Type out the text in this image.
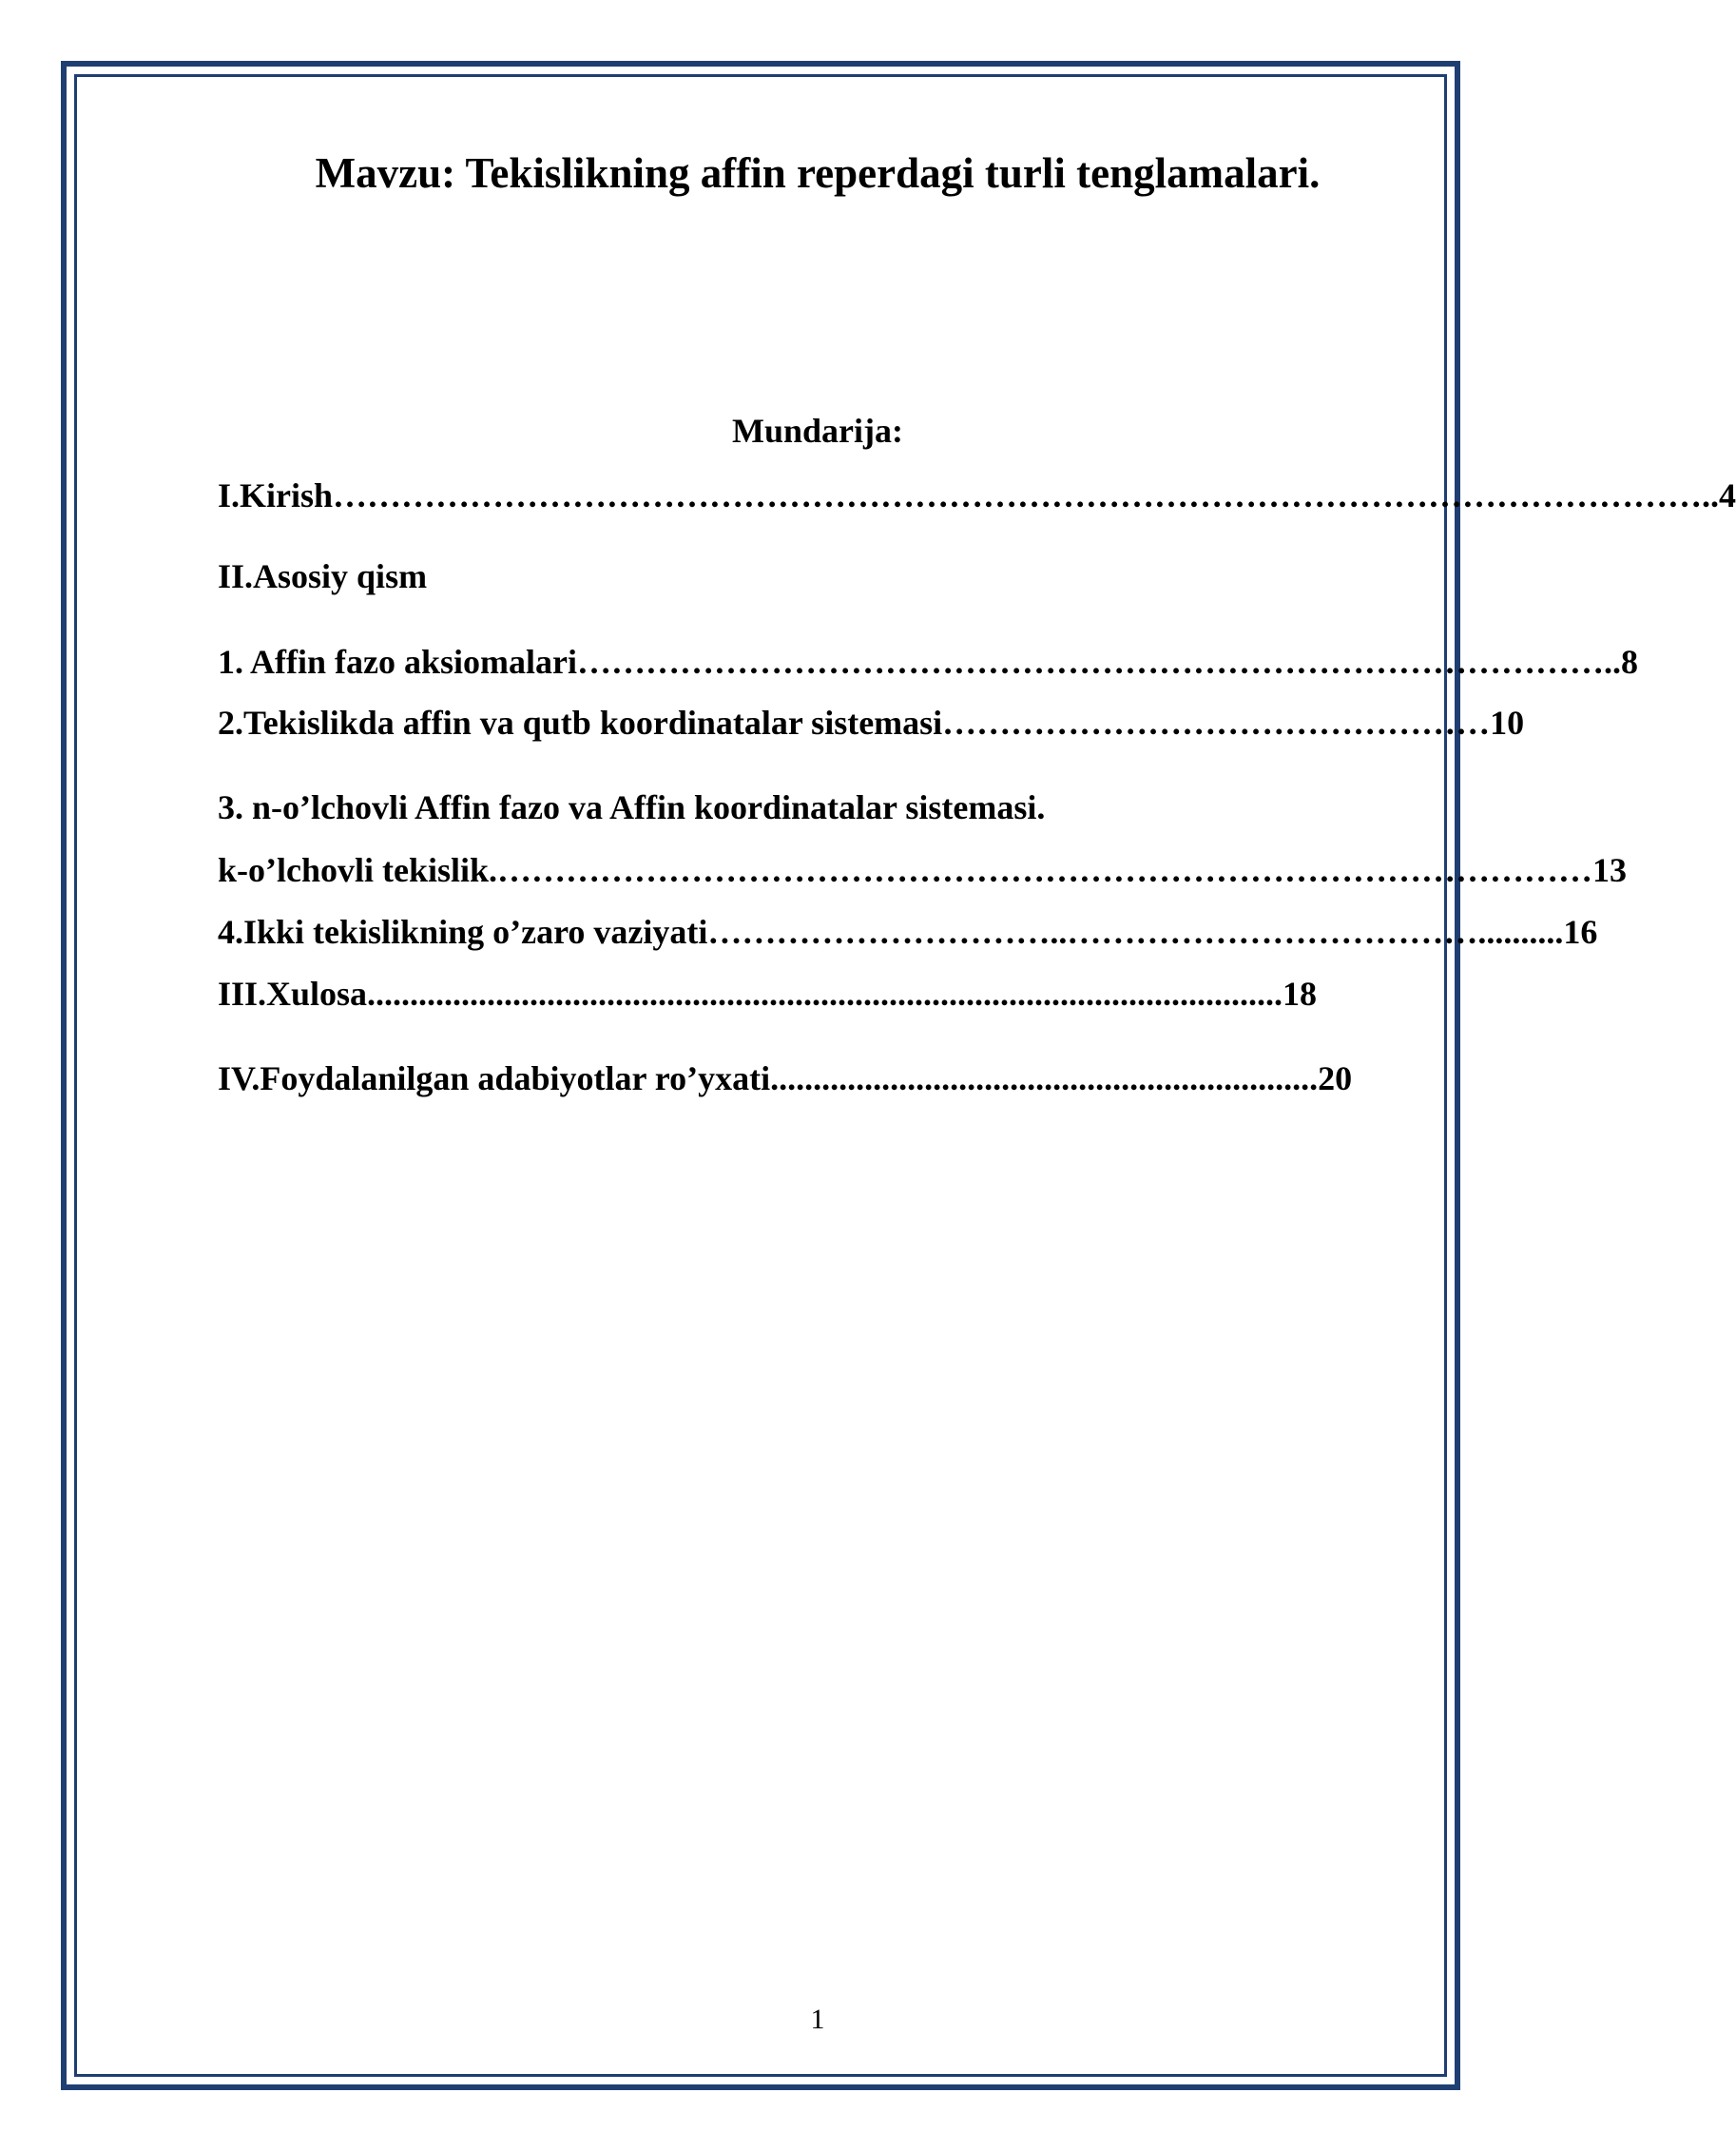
Mavzu: Tekislikning affin reperdagi turli tenglamalari.
Mundarija:

I.Kirish…………………………………………………………………………………………………………..4

II.Asosiy qism

1. Affin fazo aksiomalari………………………………………………………………………………..8

2.Tekislikda affin va qutb koordinatalar sistemasi…………………………………………10

3. n-o’lchovli Affin fazo va Affin koordinatalar sistemasi.

k-o’lchovli tekislik.……………………………………………………………………………………13

4.Ikki tekislikning o’zaro vaziyati…………………………..………………………………..........16

III.Xulosa...........................................................................................................18

IV.Foydalanilgan adabiyotlar ro’yxati................................................................20

1
